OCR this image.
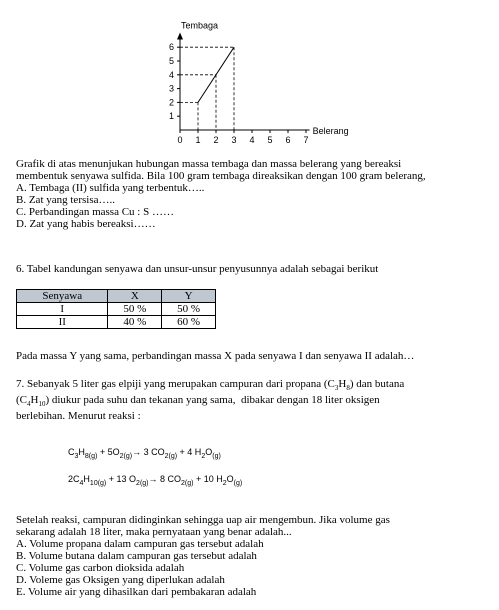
Tembaga
Belerang
0 1 2 3 4 5 6 7
1
2
3
4
5
6
Grafik di atas menunjukan hubungan massa tembaga dan massa belerang yang bereaksi
membentuk senyawa sulfida. Bila 100 gram tembaga direaksikan dengan 100 gram belerang,
A. Tembaga (II) sulfida yang terbentuk…..
B. Zat yang tersisa…..
C. Perbandingan massa Cu : S ……
D. Zat yang habis bereaksi……
6. Tabel kandungan senyawa dan unsur-unsur penyusunnya adalah sebagai berikut
Senyawa	X	Y
I	50 %	50 %
II	40 %	60 %
Pada massa Y yang sama, perbandingan massa X pada senyawa I dan senyawa II adalah…
7. Sebanyak 5 liter gas elpiji yang merupakan campuran dari propana $(C_3H_8)$ dan butana
$(C_4H_{10})$ diukur pada suhu dan tekanan yang sama,  dibakar dengan 18 liter oksigen
berlebihan. Menurut reaksi :
$C_3H_{8(g)} + 5O_{2(g)}\to 3$ $CO_{2(g)} + 4$ $H_2O_{(g)}$
$2C_4H_{10(g)} + 13$ $O_{2(g)}\to 8$ $CO_{2(g)} + 10$ $H_2O_{(g)}$
Setelah reaksi, campuran didinginkan sehingga uap air mengembun. Jika volume gas
sekarang adalah 18 liter, maka pernyataan yang benar adalah...
A. Volume propana dalam campuran gas tersebut adalah
B. Volume butana dalam campuran gas tersebut adalah
C. Volume gas carbon dioksida adalah
D. Voleme gas Oksigen yang diperlukan adalah
E. Volume air yang dihasilkan dari pembakaran adalah
